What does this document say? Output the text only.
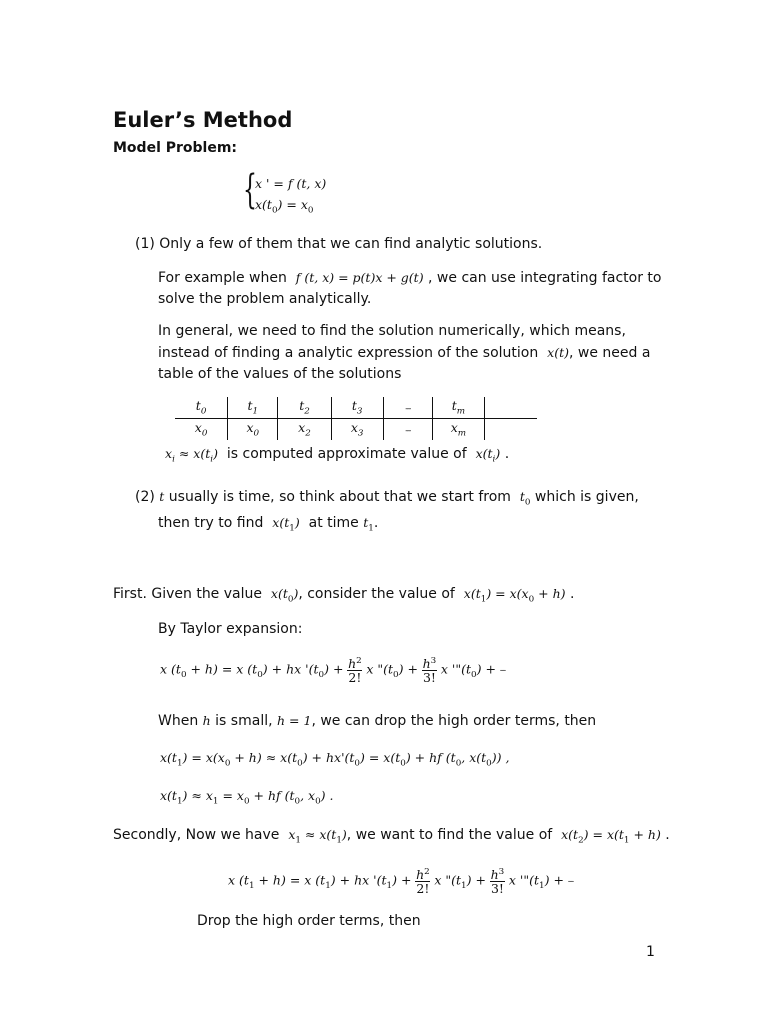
Euler’s Method
Model Problem:
{
x ' = f (t, x)
$x(t_0) = x_0$
(1) Only a few of them that we can find analytic solutions.
For example when f (t, x) = p(t)x + g(t) , we can use integrating factor to
solve the problem analytically.
In general, we need to find the solution numerically, which means,
instead of finding a analytic expression of the solution x(t), we need a
table of the values of the solutions
$t_0$	$t_1$	$t_2$	$t_3$	---	$t_m$	
$x_0$	$x_0$	$x_2$	$x_3$	---	$x_m$	
$x_i \approx x(t_i)$ is computed approximate value of $x(t_i)$ .
(2) t usually is time, so think about that we start from $t_0$ which is given,
then try to find $x(t_1)$ at time $t_1$.
First. Given the value $x(t_0)$, consider the value of $x(t_1) = x(x_0 + h)$ .
By Taylor expansion:
x $(t_0 + h) = x$ $(t_0)$ + hx '$(t_0) + \frac{h^2}{2!}$ x "$(t_0) + \frac{h^3}{3!}$ x '"$(t_0)$ + ---
When h is small, h = 1, we can drop the high order terms, then
$x(t_1) = x(x_0 + h) \approx x(t_0) + hx'(t_0) = x(t_0)$ + hf ($t_0$, $x(t_0)$) ,
$x(t_1) \approx x_1 = x_0$ + hf ($t_0$, $x_0$) .
Secondly, Now we have $x_1 \approx x(t_1)$, we want to find the value of $x(t_2) = x(t_1 + h)$ .
x $(t_1 + h) = x$ $(t_1)$ + hx '$(t_1) + \frac{h^2}{2!}$ x "$(t_1) + \frac{h^3}{3!}$ x '"$(t_1)$ + ---
Drop the high order terms, then
1
